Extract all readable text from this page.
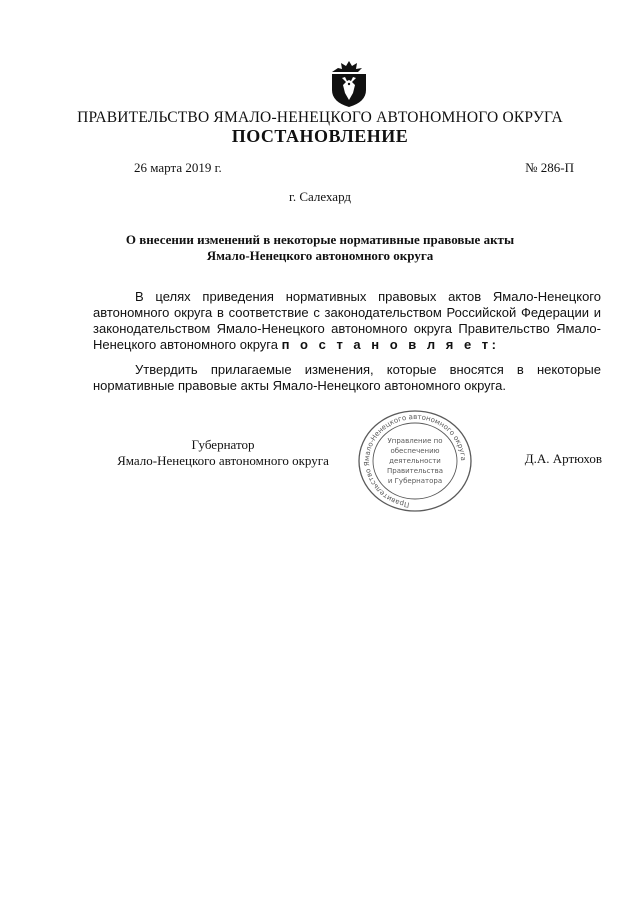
ПРАВИТЕЛЬСТВО ЯМАЛО-НЕНЕЦКОГО АВТОНОМНОГО ОКРУГА
ПОСТАНОВЛЕНИЕ
26 марта 2019 г.	№ 286-П
г. Салехард
О внесении изменений в некоторые нормативные правовые акты
Ямало-Ненецкого автономного округа
В целях приведения нормативных правовых актов Ямало-Ненецкого автономного округа в соответствие с законодательством Российской Федерации и законодательством Ямало-Ненецкого автономного округа Правительство Ямало-Ненецкого автономного округа п о с т а н о в л я е т:
Утвердить прилагаемые изменения, которые вносятся в некоторые нормативные правовые акты Ямало-Ненецкого автономного округа.
Губернатор
Ямало-Ненецкого автономного округа
Правительство Ямало-Ненецкого автономного округа
Управление по
обеспечению
деятельности
Правительства
и Губернатора
Д.А. Артюхов
